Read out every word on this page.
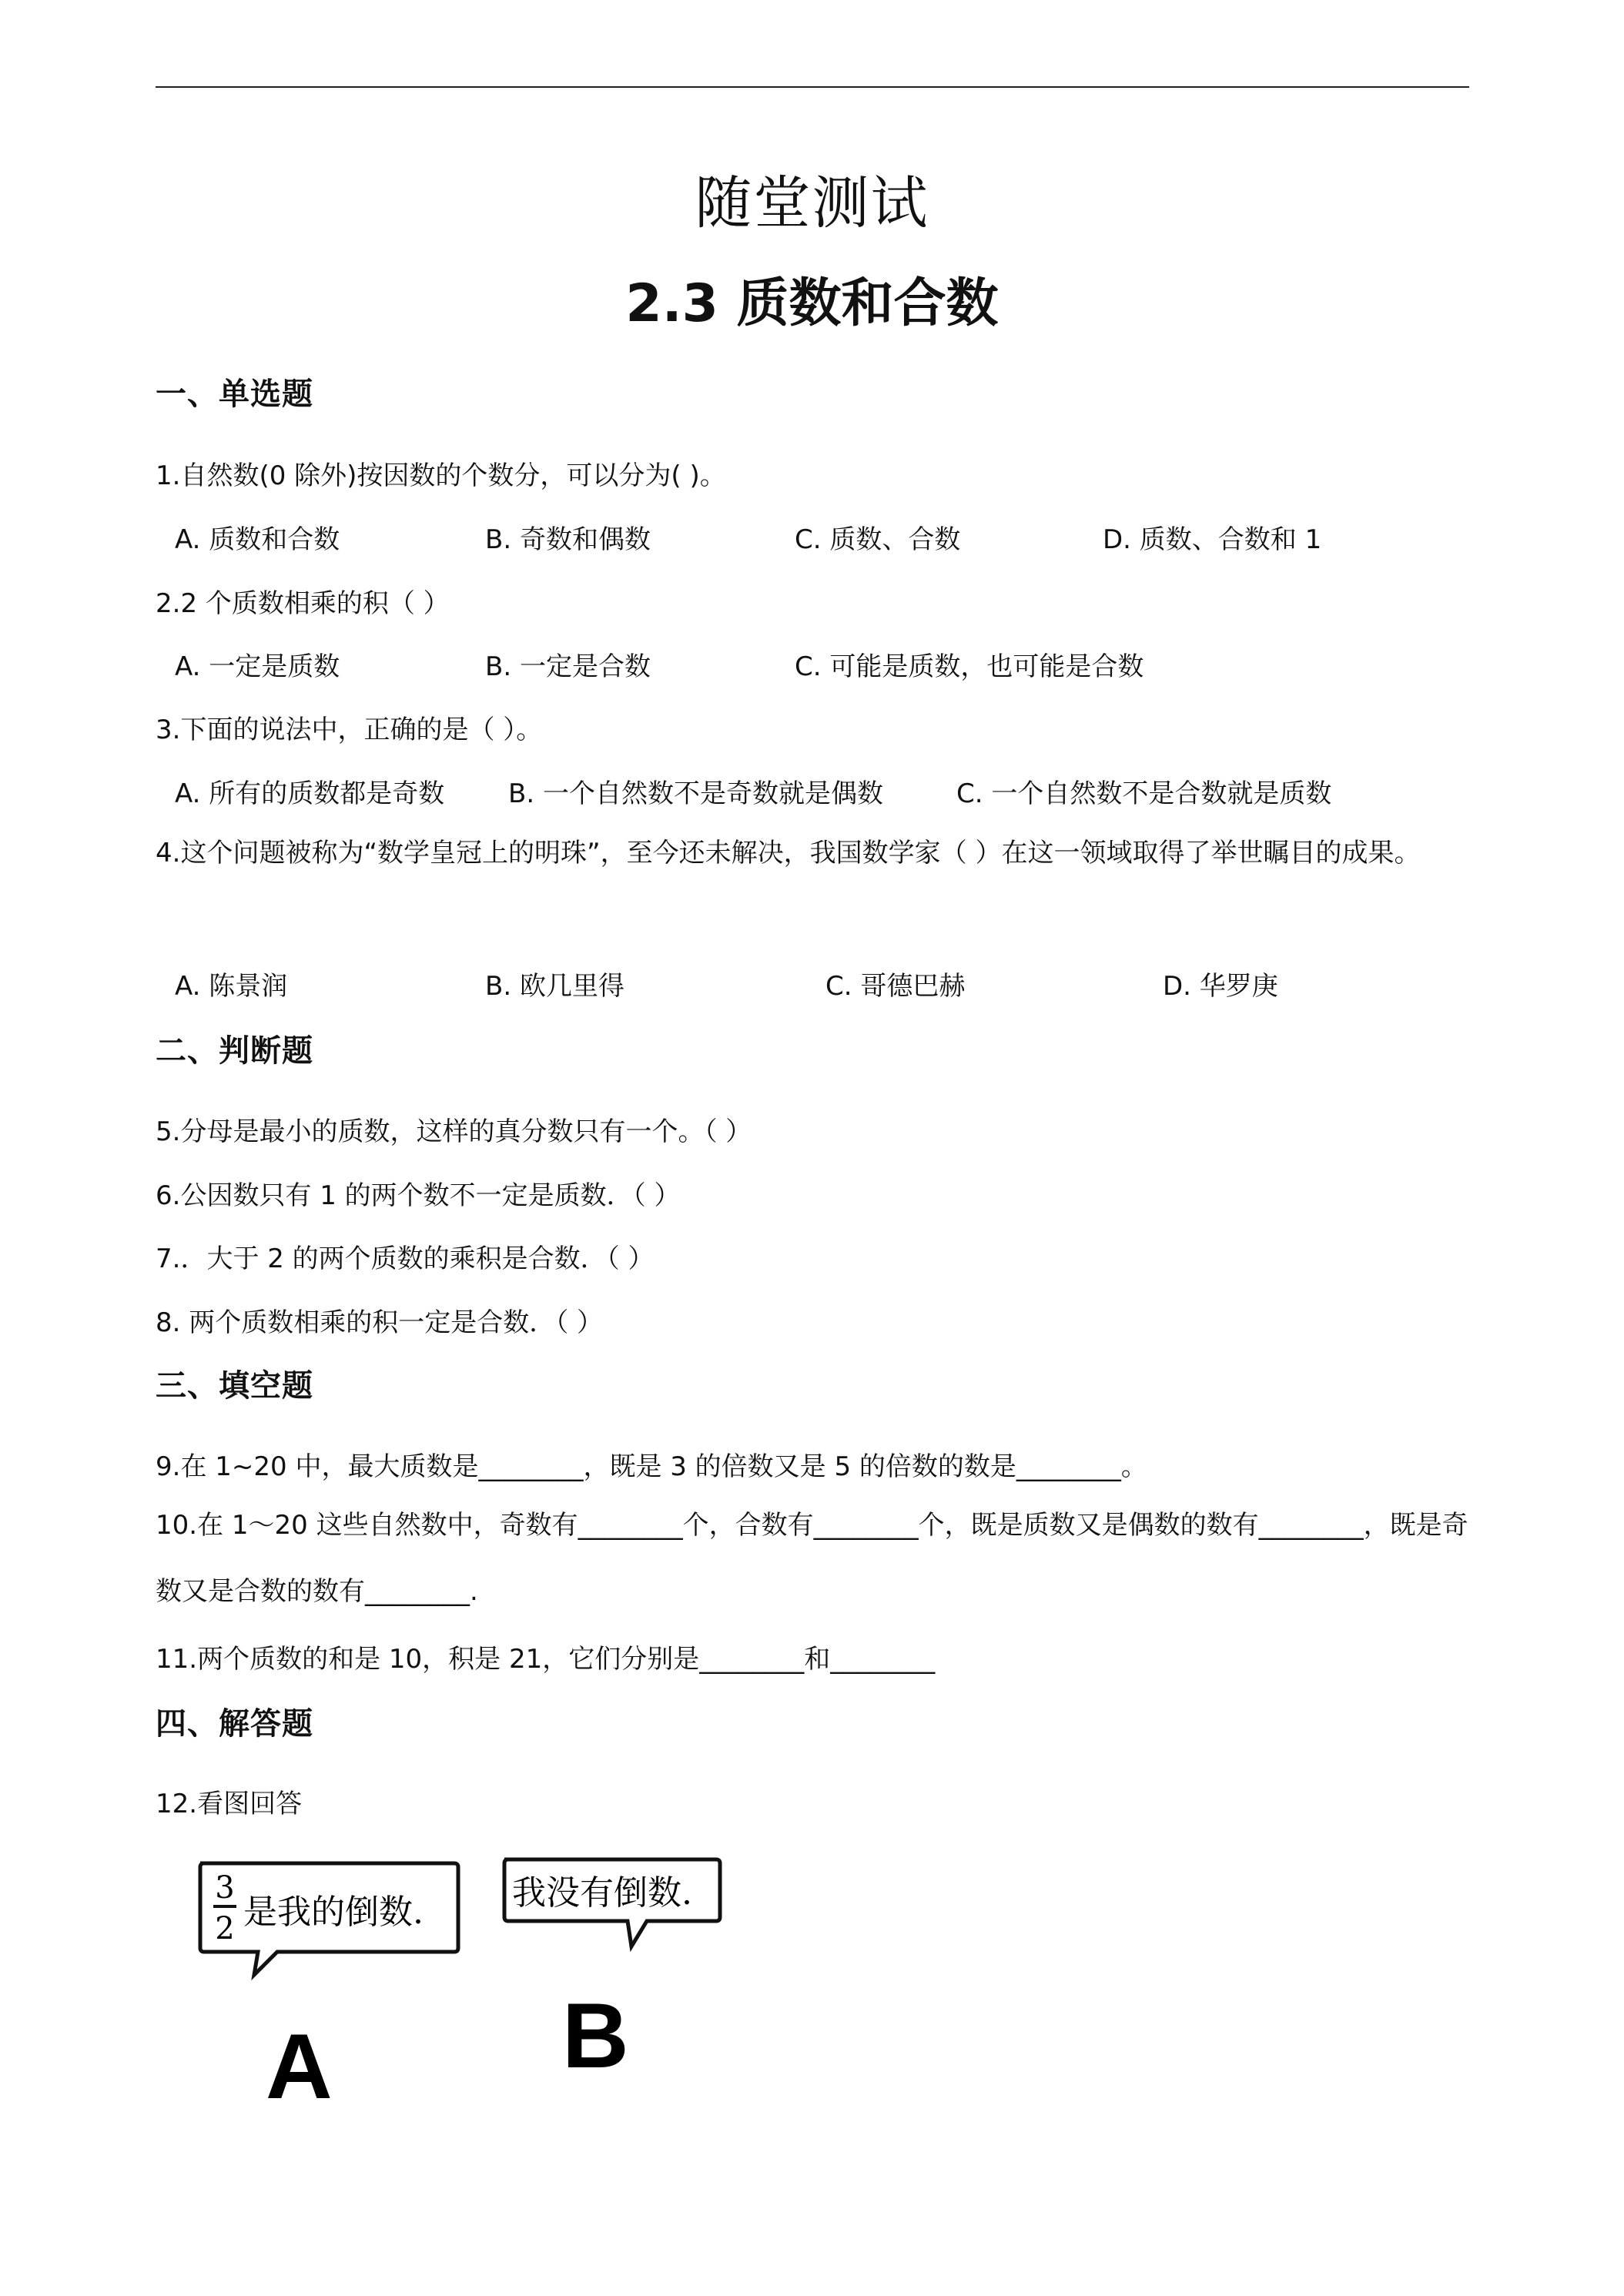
随堂测试
2.3 质数和合数
一、单选题
1.自然数(0 除外)按因数的个数分，可以分为( )。
A. 质数和合数	B. 奇数和偶数	C. 质数、合数	D. 质数、合数和 1
2.2 个质数相乘的积（ ）
A. 一定是质数	B. 一定是合数	C. 可能是质数，也可能是合数
3.下面的说法中，正确的是（ ）。
A. 所有的质数都是奇数 B. 一个自然数不是奇数就是偶数	C. 一个自然数不是合数就是质数
4.这个问题被称为“数学皇冠上的明珠”，至今还未解决，我国数学家（ ）在这一领域取得了举世瞩目的成果。
A. 陈景润	B. 欧几里得	C. 哥德巴赫	D. 华罗庚
二、判断题
5.分母是最小的质数，这样的真分数只有一个。（ ）
6.公因数只有 1 的两个数不一定是质数．（ ）
7.．大于 2 的两个质数的乘积是合数．（ ）
8. 两个质数相乘的积一定是合数．（ ）
三、填空题
9.在 1~20 中，最大质数是________，既是 3 的倍数又是 5 的倍数的数是________。
10.在 1～20 这些自然数中，奇数有________个，合数有________个，既是质数又是偶数的数有________，既是奇数又是合数的数有________.
11.两个质数的和是 10，积是 21，它们分别是________和________
四、解答题
12.看图回答
3
2 是我的倒数.
A
我没有倒数.
B
